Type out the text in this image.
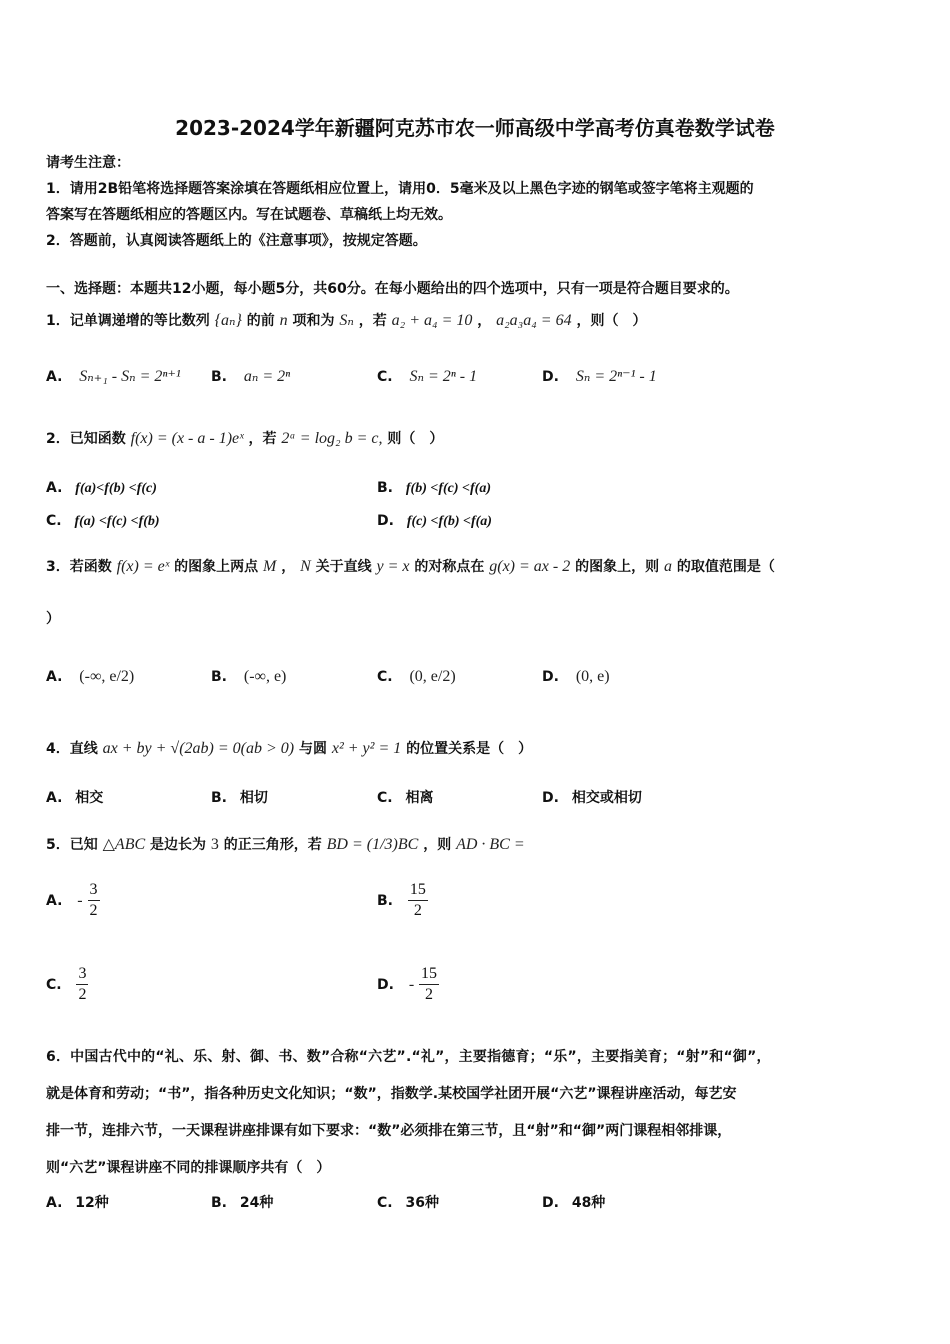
2023-2024学年新疆阿克苏市农一师高级中学高考仿真卷数学试卷
请考生注意：
1．请用2B铅笔将选择题答案涂填在答题纸相应位置上，请用0．5毫米及以上黑色字迹的钢笔或签字笔将主观题的
答案写在答题纸相应的答题区内。写在试题卷、草稿纸上均无效。
2．答题前，认真阅读答题纸上的《注意事项》，按规定答题。
一、选择题：本题共12小题，每小题5分，共60分。在每小题给出的四个选项中，只有一项是符合题目要求的。
1．记单调递增的等比数列 {aₙ} 的前 n 项和为 Sₙ ，若 a₂ + a₄ = 10 ， a₂a₃a₄ = 64 ，则（　）
A. Sₙ₊₁ - Sₙ = 2ⁿ⁺¹ B. aₙ = 2ⁿ	C. Sₙ = 2ⁿ - 1	D. Sₙ = 2ⁿ⁻¹ - 1
2．已知函数 f(x) = (x - a - 1)eˣ ，若 2ᵃ = log₂ b = c, 则（　）
A. f(a)<f(b) <f(c)	B. f(b) <f(c) <f(a)
C. f(a) <f(c) <f(b)	D. f(c) <f(b) <f(a)
3．若函数 f(x) = eˣ 的图象上两点 M ， N 关于直线 y = x 的对称点在 g(x) = ax - 2 的图象上，则 a 的取值范围是（
）
A. (-∞, e/2)	B. (-∞, e)	C. (0, e/2)	D. (0, e)
4．直线 ax + by + √(2ab) = 0(ab > 0) 与圆 x² + y² = 1 的位置关系是（　）
A. 相交	B. 相切	C. 相离	D. 相交或相切
5．已知 △ABC 是边长为 3 的正三角形，若 BD = (1/3)BC ，则 AD · BC =
A. - $\frac{3}{2}$	B. $\frac{15}{2}$
C. $\frac{3}{2}$	D. - $\frac{15}{2}$
6．中国古代中的“礼、乐、射、御、书、数”合称“六艺”.“礼”，主要指德育；“乐”，主要指美育；“射”和“御”，
就是体育和劳动；“书”，指各种历史文化知识；“数”，指数学.某校国学社团开展“六艺”课程讲座活动，每艺安
排一节，连排六节，一天课程讲座排课有如下要求：“数”必须排在第三节，且“射”和“御”两门课程相邻排课，
则“六艺”课程讲座不同的排课顺序共有（　）
A. 12种	B. 24种	C. 36种	D. 48种
